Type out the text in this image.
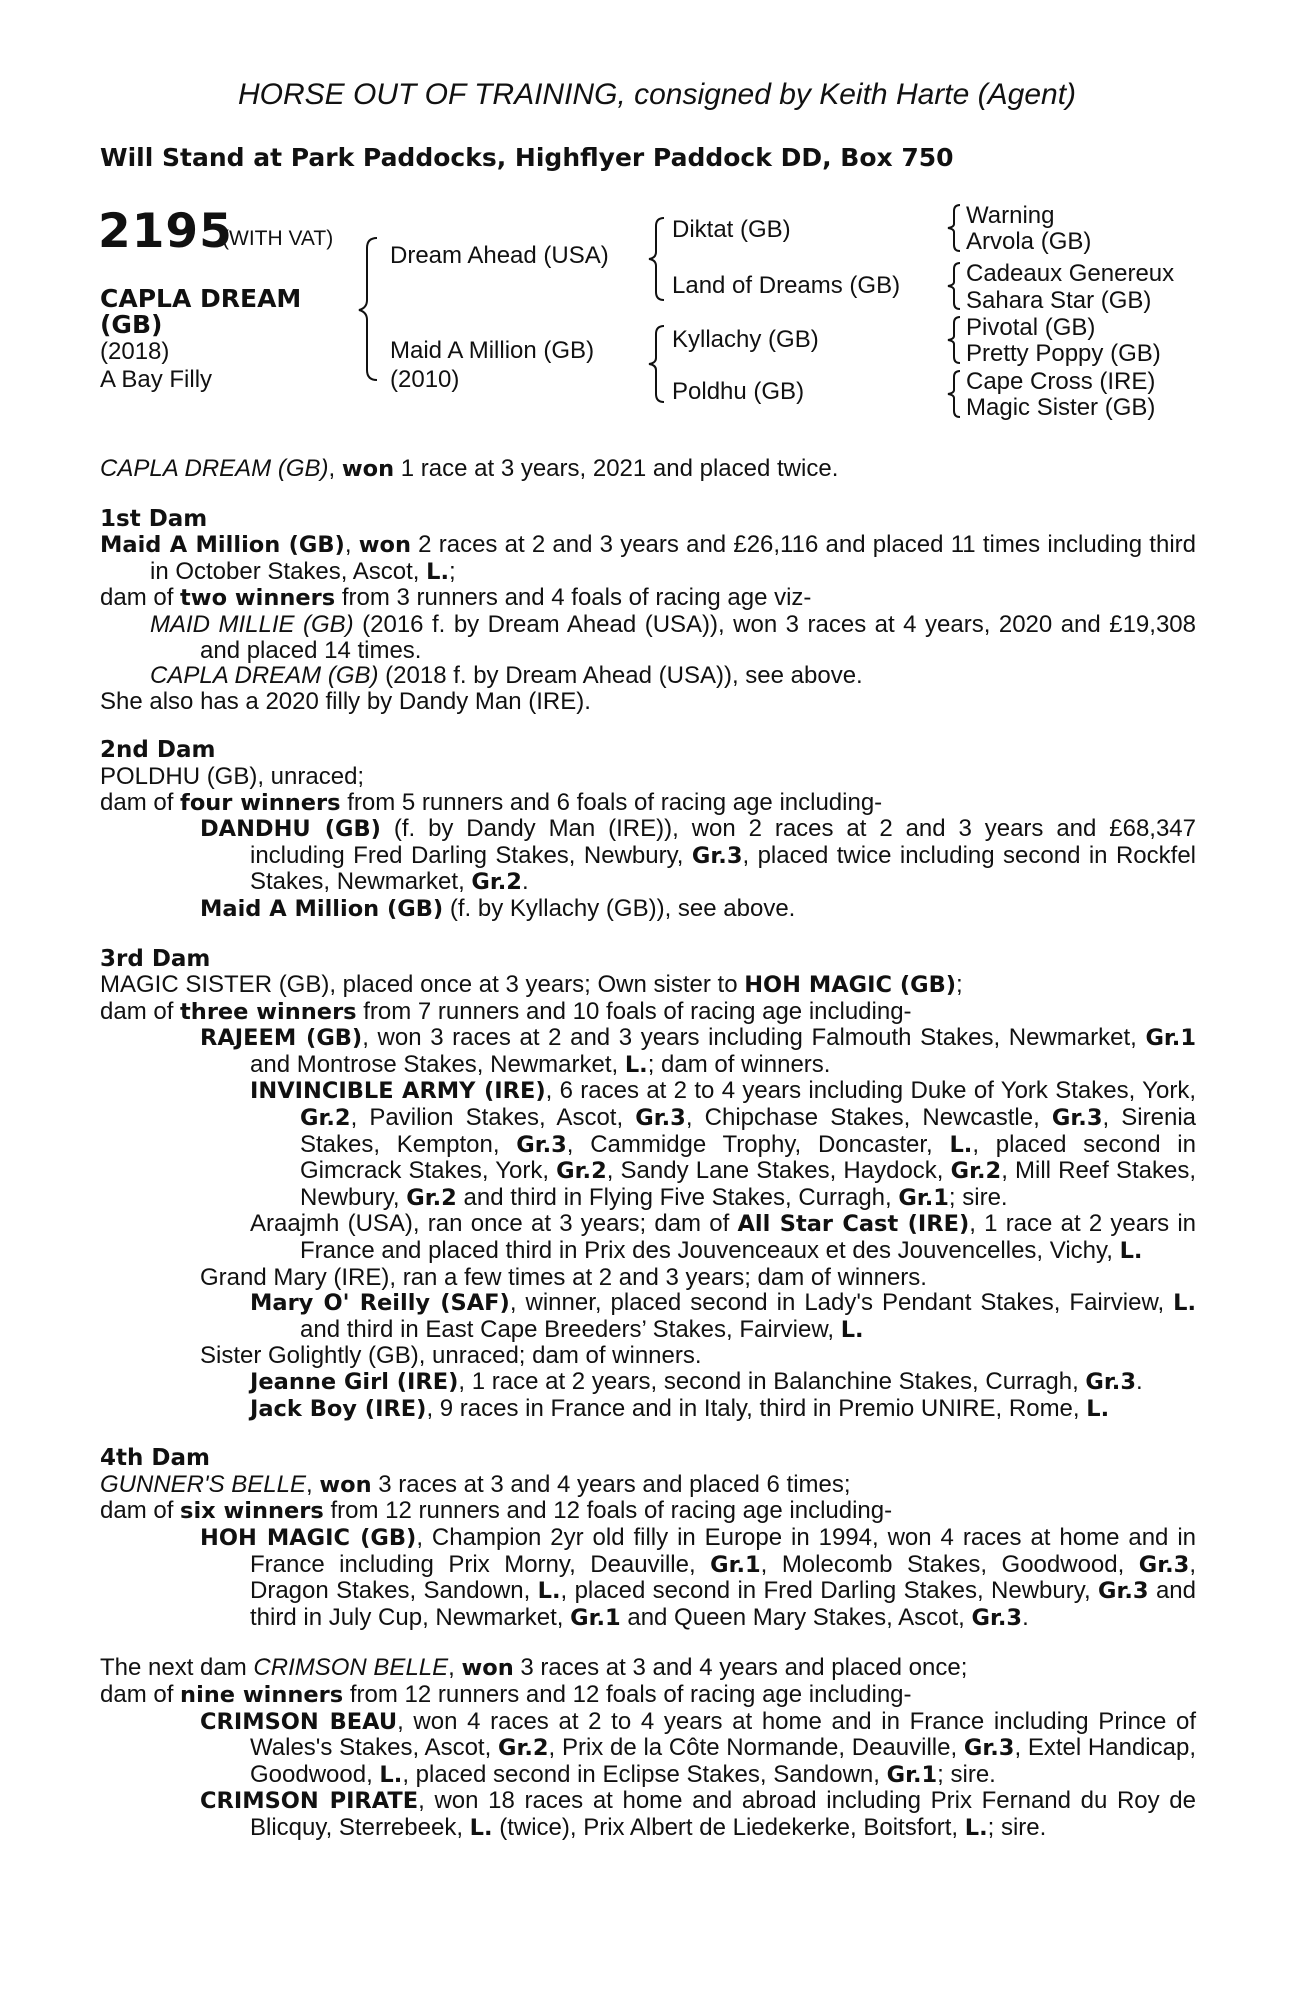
HORSE OUT OF TRAINING, consigned by Keith Harte (Agent)
Will Stand at Park Paddocks, Highflyer Paddock DD, Box 750
2195
(WITH VAT)
CAPLA DREAM
(GB)
(2018)
A Bay Filly
Dream Ahead (USA)
Maid A Million (GB)
(2010)
Diktat (GB)
Land of Dreams (GB)
Kyllachy (GB)
Poldhu (GB)
Warning
Arvola (GB)
Cadeaux Genereux
Sahara Star (GB)
Pivotal (GB)
Pretty Poppy (GB)
Cape Cross (IRE)
Magic Sister (GB)
CAPLA DREAM (GB), won 1 race at 3 years, 2021 and placed twice.
1st Dam
Maid A Million (GB), won 2 races at 2 and 3 years and £26,116 and placed 11 times including third in October Stakes, Ascot, L.;
dam of two winners from 3 runners and 4 foals of racing age viz-
MAID MILLIE (GB) (2016 f. by Dream Ahead (USA)), won 3 races at 4 years, 2020 and £19,308 and placed 14 times.
CAPLA DREAM (GB) (2018 f. by Dream Ahead (USA)), see above.
She also has a 2020 filly by Dandy Man (IRE).
2nd Dam
POLDHU (GB), unraced;
dam of four winners from 5 runners and 6 foals of racing age including-
DANDHU (GB) (f. by Dandy Man (IRE)), won 2 races at 2 and 3 years and £68,347 including Fred Darling Stakes, Newbury, Gr.3, placed twice including second in Rockfel Stakes, Newmarket, Gr.2.
Maid A Million (GB) (f. by Kyllachy (GB)), see above.
3rd Dam
MAGIC SISTER (GB), placed once at 3 years; Own sister to HOH MAGIC (GB);
dam of three winners from 7 runners and 10 foals of racing age including-
RAJEEM (GB), won 3 races at 2 and 3 years including Falmouth Stakes, Newmarket, Gr.1 and Montrose Stakes, Newmarket, L.; dam of winners.
INVINCIBLE ARMY (IRE), 6 races at 2 to 4 years including Duke of York Stakes, York, Gr.2, Pavilion Stakes, Ascot, Gr.3, Chipchase Stakes, Newcastle, Gr.3, Sirenia Stakes, Kempton, Gr.3, Cammidge Trophy, Doncaster, L., placed second in Gimcrack Stakes, York, Gr.2, Sandy Lane Stakes, Haydock, Gr.2, Mill Reef Stakes, Newbury, Gr.2 and third in Flying Five Stakes, Curragh, Gr.1; sire.
Araajmh (USA), ran once at 3 years; dam of All Star Cast (IRE), 1 race at 2 years in France and placed third in Prix des Jouvenceaux et des Jouvencelles, Vichy, L.
Grand Mary (IRE), ran a few times at 2 and 3 years; dam of winners.
Mary O' Reilly (SAF), winner, placed second in Lady's Pendant Stakes, Fairview, L. and third in East Cape Breeders’ Stakes, Fairview, L.
Sister Golightly (GB), unraced; dam of winners.
Jeanne Girl (IRE), 1 race at 2 years, second in Balanchine Stakes, Curragh, Gr.3.
Jack Boy (IRE), 9 races in France and in Italy, third in Premio UNIRE, Rome, L.
4th Dam
GUNNER'S BELLE, won 3 races at 3 and 4 years and placed 6 times;
dam of six winners from 12 runners and 12 foals of racing age including-
HOH MAGIC (GB), Champion 2yr old filly in Europe in 1994, won 4 races at home and in France including Prix Morny, Deauville, Gr.1, Molecomb Stakes, Goodwood, Gr.3, Dragon Stakes, Sandown, L., placed second in Fred Darling Stakes, Newbury, Gr.3 and third in July Cup, Newmarket, Gr.1 and Queen Mary Stakes, Ascot, Gr.3.
The next dam CRIMSON BELLE, won 3 races at 3 and 4 years and placed once;
dam of nine winners from 12 runners and 12 foals of racing age including-
CRIMSON BEAU, won 4 races at 2 to 4 years at home and in France including Prince of Wales's Stakes, Ascot, Gr.2, Prix de la Côte Normande, Deauville, Gr.3, Extel Handicap, Goodwood, L., placed second in Eclipse Stakes, Sandown, Gr.1; sire.
CRIMSON PIRATE, won 18 races at home and abroad including Prix Fernand du Roy de Blicquy, Sterrebeek, L. (twice), Prix Albert de Liedekerke, Boitsfort, L.; sire.
